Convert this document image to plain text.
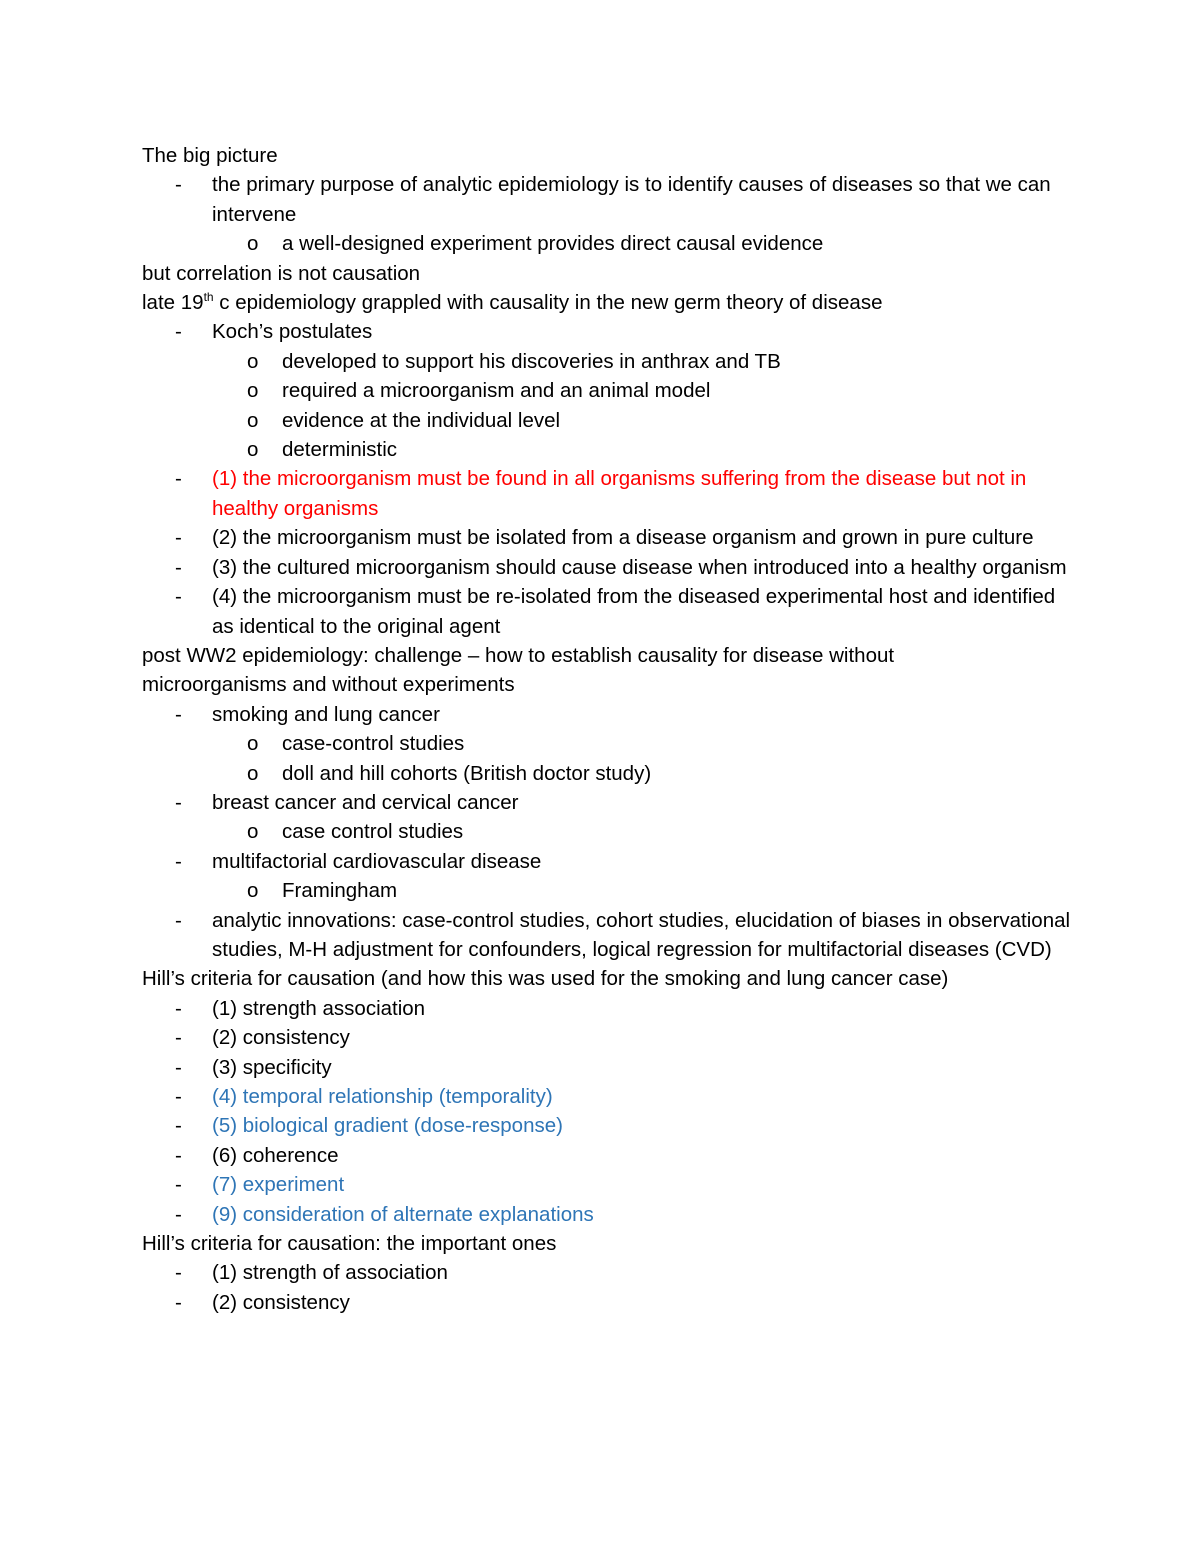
The big picture
- the primary purpose of analytic epidemiology is to identify causes of diseases so that we can intervene
o a well-designed experiment provides direct causal evidence
but correlation is not causation
late 19th c epidemiology grappled with causality in the new germ theory of disease
- Koch’s postulates
o developed to support his discoveries in anthrax and TB
o required a microorganism and an animal model
o evidence at the individual level
o deterministic
- (1) the microorganism must be found in all organisms suffering from the disease but not in healthy organisms
- (2) the microorganism must be isolated from a disease organism and grown in pure culture
- (3) the cultured microorganism should cause disease when introduced into a healthy organism
- (4) the microorganism must be re-isolated from the diseased experimental host and identified as identical to the original agent
post WW2 epidemiology: challenge – how to establish causality for disease without
microorganisms and without experiments
- smoking and lung cancer
o case-control studies
o doll and hill cohorts (British doctor study)
- breast cancer and cervical cancer
o case control studies
- multifactorial cardiovascular disease
o Framingham
- analytic innovations: case-control studies, cohort studies, elucidation of biases in observational studies, M-H adjustment for confounders, logical regression for multifactorial diseases (CVD)
Hill’s criteria for causation (and how this was used for the smoking and lung cancer case)
- (1) strength association
- (2) consistency
- (3) specificity
- (4) temporal relationship (temporality)
- (5) biological gradient (dose-response)
- (6) coherence
- (7) experiment
- (9) consideration of alternate explanations
Hill’s criteria for causation: the important ones
- (1) strength of association
- (2) consistency
